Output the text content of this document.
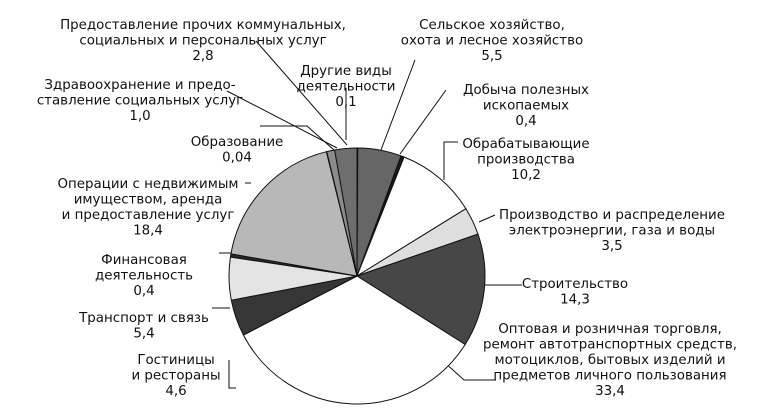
Другие виды деятельности 0,1
Сельское хозяйство, охота и лесное хозяйство 5,5
Добыча полезных ископаемых 0,4
Обрабатывающие производства 10,2
Производство и распределение электроэнергии, газа и воды 3,5
Строительство 14,3
Оптовая и розничная торговля, ремонт автотранспортных средств, мотоциклов, бытовых изделий и предметов личного пользования 33,4
Гостиницы и рестораны 4,6
Транспорт и связь 5,4
Финансовая деятельность 0,4
Операции с недвижимым имуществом, аренда и предоставление услуг 18,4
Образование 0,04
Здравоохранение и предо-ставление социальных услуг 1,0
Предоставление прочих коммунальных, социальных и персональных услуг 2,8
